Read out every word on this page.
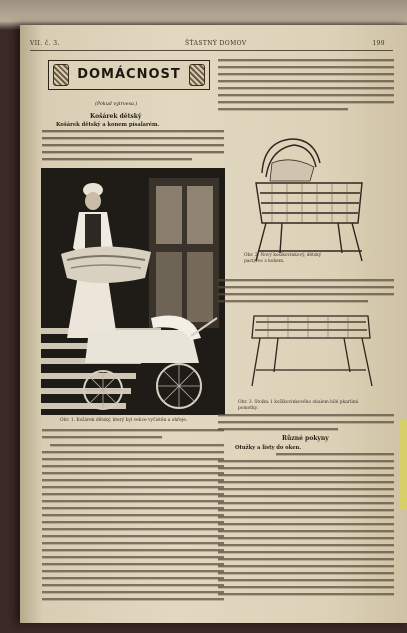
VII. č. 3.	ŠŤASTNÝ DOMOV	199
DOMÁCNOST
(Pokud vytrvesa.)
Košárek dětský
Košárek dětský a konem písalarém.
Obr. 1. Košárek dětský, který byl velice vyčistěn a ohřeje.
Obr. 2. Nový košíkovinkový, dětský pastýřec s koňem.
Obr. 3. Stolku 1 košíkovinkového obalem bílé pkarlimi pomotky.
Různé pokyny
Otužky a listy do oken.
